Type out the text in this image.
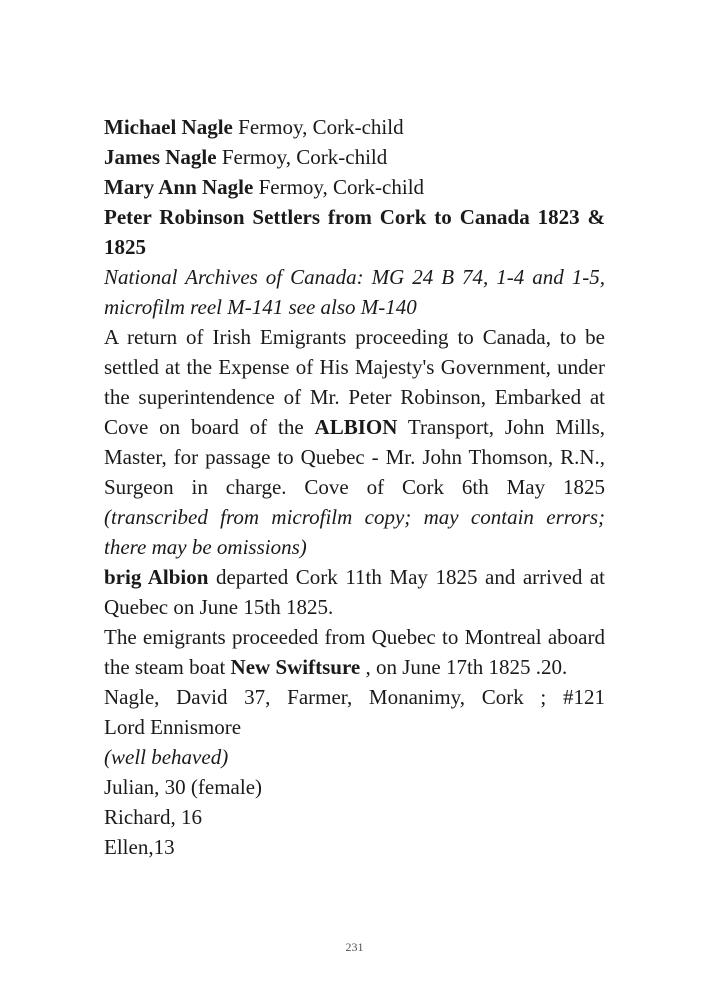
Michael Nagle Fermoy, Cork-child

James Nagle Fermoy, Cork-child

Mary Ann Nagle Fermoy, Cork-child

Peter Robinson Settlers from Cork to Canada 1823 & 1825

National Archives of Canada: MG 24 B 74, 1-4 and 1-5, microfilm reel M-141 see also M-140

A return of Irish Emigrants proceeding to Canada, to be settled at the Expense of His Majesty's Government, under the superintendence of Mr. Peter Robinson, Embarked at Cove on board of the ALBION Transport, John Mills, Master, for passage to Quebec - Mr. John Thomson, R.N., Surgeon in charge. Cove of Cork 6th May 1825 (transcribed from microfilm copy; may contain errors; there may be omissions)

brig Albion departed Cork 11th May 1825 and arrived at Quebec on June 15th 1825.

The emigrants proceeded from Quebec to Montreal aboard the steam boat New Swiftsure , on June 17th 1825 .20.

Nagle, David 37, Farmer, Monanimy, Cork ; #121

Lord Ennismore

(well behaved)

Julian, 30 (female)

Richard, 16

Ellen,13

231
